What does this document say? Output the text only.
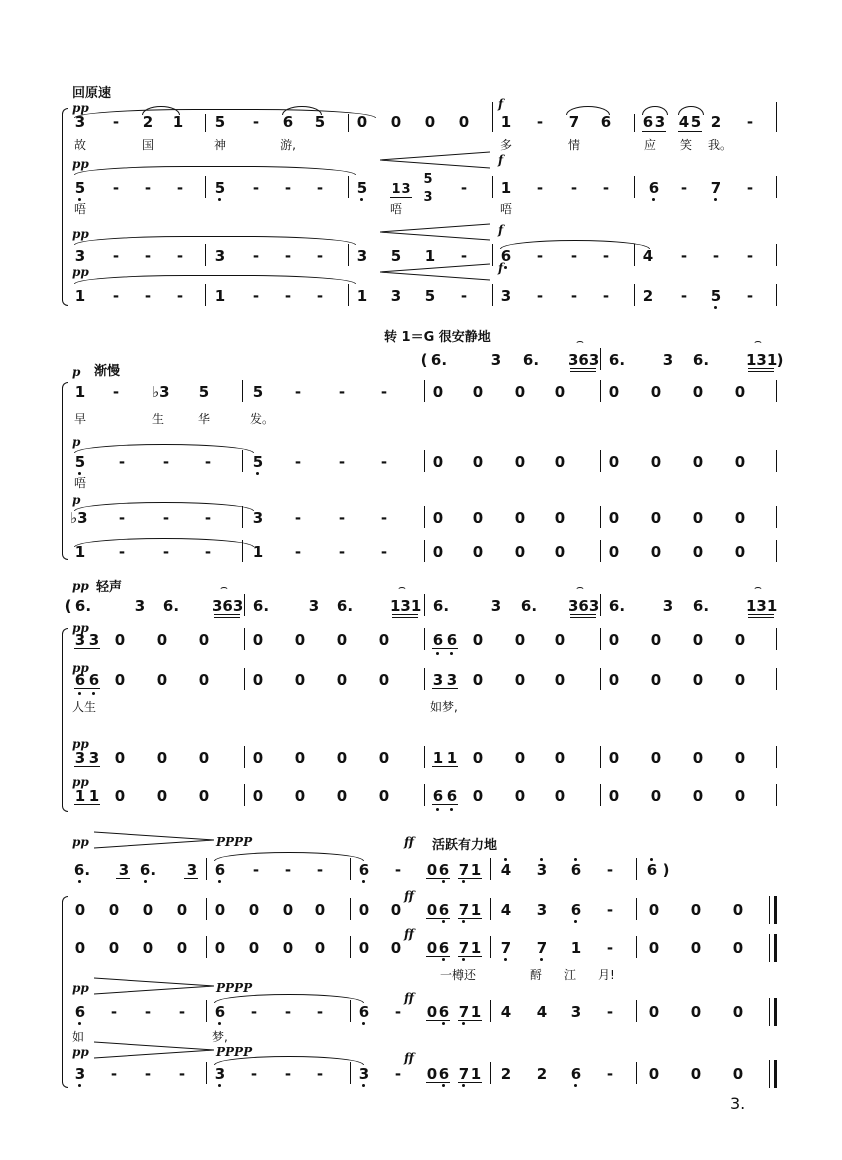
回原速
pp
3	-	2 1 5	-	6 5 0 0 0 0
f
1	-	7 6 6 3 4 5 2	-
故	国	神	游,	多	情	应	笑	我。
pp
5	-	-	-	5	-	-	-	5 1 3
5
3
-
f
1	-	-	-	6	-	7	-
唔	唔	唔
pp
3	-	-	-	3	-	-	-	3 5 1	-
f
6	-	-	-	4	-	-	-
pp
1	-	-	-	1	-	-	-	1 3 5	-
f
3	-	-	-	2	-	5	-
转 1＝G 很安静地
( 6.	3 6. 363
⌢
6.	3 6. 131
⌢
)
p 渐慢
1	-	♭3 5	5	-	-	-	0 0 0 0	0 0 0 0
早	生	华	发。
p
5	-	-	-	5	-	-	-	0 0 0 0	0 0 0 0
唔
p
♭3	-	-	-	3	-	-	-	0 0 0 0	0 0 0 0
1	-	-	-	1	-	-	-	0 0 0 0	0 0 0 0
pp 轻声
( 6.	3 6. 363
⌢
6.	3 6. 131
⌢
6.	3 6. 363
⌢
6.	3 6. 131
⌢
pp
3 3 0 0 0	0 0 0 0	6 6 0 0 0	0 0 0 0
pp
6 6 0 0 0	0 0 0 0	3 3 0 0 0	0 0 0 0
人生	如梦,
pp
3 3 0 0 0	0 0 0 0	1 1 0 0 0	0 0 0 0
pp
1 1 0 0 0	0 0 0 0	6 6 0 0 0	0 0 0 0
pp	PPPP	ff 活跃有力地
6. 3 6. 3 6	-	-	-	6	-	0 6 7 1 4 3 6	-	6 )
0 0 0 0 0 0 0 0 0 0
ff
0 6 7 1 4 3 6	-	0 0 0
0 0 0 0 0 0 0 0 0 0
ff
0 6 7 1 7 7 1	-	0 0 0
一樽还	酹 江 月!
pp	PPPP
6	-	-	-	6	-	-	-	6	-
ff
0 6 7 1 4 4 3	-	0 0 0
如	梦,
pp	PPPP
3	-	-	-	3	-	-	-	3	-
ff
0 6 7 1 2 2 6	-	0 0 0
3.
